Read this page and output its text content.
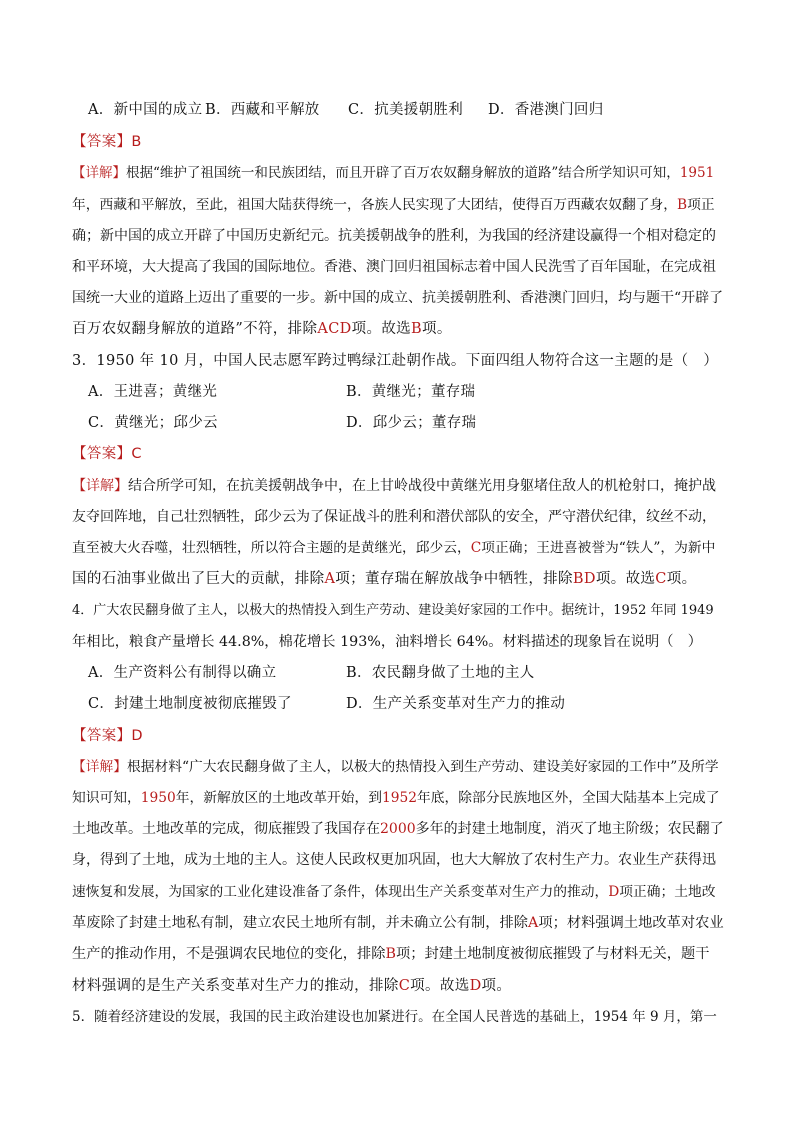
A．新中国的成立 B．西藏和平解放 C．抗美援朝胜利 D．香港澳门回归
【答案】B
【详解】根据“维护了祖国统一和民族团结，而且开辟了百万农奴翻身解放的道路”结合所学知识可知，1951
年，西藏和平解放，至此，祖国大陆获得统一，各族人民实现了大团结，使得百万西藏农奴翻了身，B项正
确；新中国的成立开辟了中国历史新纪元。抗美援朝战争的胜利，为我国的经济建设赢得一个相对稳定的
和平环境，大大提高了我国的国际地位。香港、澳门回归祖国标志着中国人民洗雪了百年国耻，在完成祖
国统一大业的道路上迈出了重要的一步。新中国的成立、抗美援朝胜利、香港澳门回归，均与题干“开辟了
百万农奴翻身解放的道路”不符，排除ACD项。故选B项。
3．1950 年 10 月，中国人民志愿军跨过鸭绿江赴朝作战。下面四组人物符合这一主题的是（　）
A．王进喜；黄继光	B．黄继光；董存瑞
C．黄继光；邱少云	D．邱少云；董存瑞
【答案】C
【详解】结合所学可知，在抗美援朝战争中，在上甘岭战役中黄继光用身躯堵住敌人的机枪射口，掩护战
友夺回阵地，自己壮烈牺牲，邱少云为了保证战斗的胜利和潜伏部队的安全，严守潜伏纪律，纹丝不动，
直至被大火吞噬，壮烈牺牲，所以符合主题的是黄继光，邱少云，C项正确；王进喜被誉为“铁人”，为新中
国的石油事业做出了巨大的贡献，排除A项；董存瑞在解放战争中牺牲，排除BD项。故选C项。
4．广大农民翻身做了主人，以极大的热情投入到生产劳动、建设美好家园的工作中。据统计，1952 年同 1949
年相比，粮食产量增长 44.8%，棉花增长 193%，油料增长 64%。材料描述的现象旨在说明（　）
A．生产资料公有制得以确立	B．农民翻身做了土地的主人
C．封建土地制度被彻底摧毁了	D．生产关系变革对生产力的推动
【答案】D
【详解】根据材料“广大农民翻身做了主人，以极大的热情投入到生产劳动、建设美好家园的工作中”及所学
知识可知，1950年，新解放区的土地改革开始，到1952年底，除部分民族地区外，全国大陆基本上完成了
土地改革。土地改革的完成，彻底摧毁了我国存在2000多年的封建土地制度，消灭了地主阶级；农民翻了
身，得到了土地，成为土地的主人。这使人民政权更加巩固，也大大解放了农村生产力。农业生产获得迅
速恢复和发展，为国家的工业化建设准备了条件，体现出生产关系变革对生产力的推动，D项正确；土地改
革废除了封建土地私有制，建立农民土地所有制，并未确立公有制，排除A项；材料强调土地改革对农业
生产的推动作用，不是强调农民地位的变化，排除B项；封建土地制度被彻底摧毁了与材料无关，题干
材料强调的是生产关系变革对生产力的推动，排除C项。故选D项。
5．随着经济建设的发展，我国的民主政治建设也加紧进行。在全国人民普选的基础上，1954 年 9 月，第一
